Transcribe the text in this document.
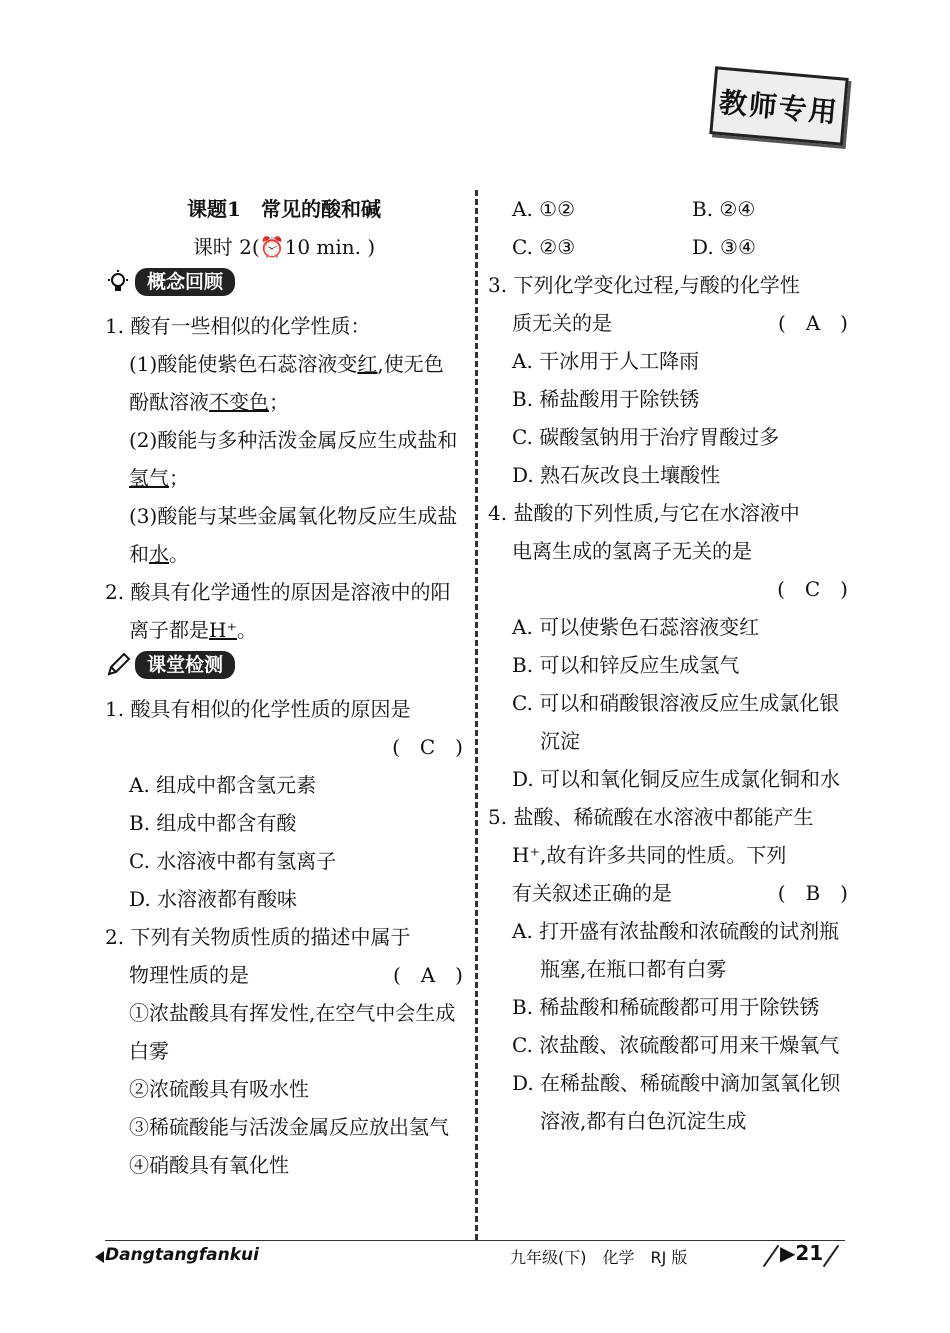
教师专用
课题1　常见的酸和碱
课时 2(⏰10 min. )
概念回顾
1. 酸有一些相似的化学性质：
(1)酸能使紫色石蕊溶液变红,使无色酚酞溶液不变色；
(2)酸能与多种活泼金属反应生成盐和氢气；
(3)酸能与某些金属氧化物反应生成盐和水。
2. 酸具有化学通性的原因是溶液中的阳离子都是H⁺。
课堂检测
1. 酸具有相似的化学性质的原因是
(　C　)
A. 组成中都含氢元素
B. 组成中都含有酸
C. 水溶液中都有氢离子
D. 水溶液都有酸味
2. 下列有关物质性质的描述中属于
物理性质的是	(　A　)
①浓盐酸具有挥发性,在空气中会生成白雾
②浓硫酸具有吸水性
③稀硫酸能与活泼金属反应放出氢气
④硝酸具有氧化性
A. ①②	B. ②④
C. ②③	D. ③④
3. 下列化学变化过程,与酸的化学性
质无关的是	(　A　)
A. 干冰用于人工降雨
B. 稀盐酸用于除铁锈
C. 碳酸氢钠用于治疗胃酸过多
D. 熟石灰改良土壤酸性
4. 盐酸的下列性质,与它在水溶液中
电离生成的氢离子无关的是
(　C　)
A. 可以使紫色石蕊溶液变红
B. 可以和锌反应生成氢气
C. 可以和硝酸银溶液反应生成氯化银沉淀
D. 可以和氧化铜反应生成氯化铜和水
5. 盐酸、稀硫酸在水溶液中都能产生
H⁺,故有许多共同的性质。下列
有关叙述正确的是	(　B　)
A. 打开盛有浓盐酸和浓硫酸的试剂瓶瓶塞,在瓶口都有白雾
B. 稀盐酸和稀硫酸都可用于除铁锈
C. 浓盐酸、浓硫酸都可用来干燥氧气
D. 在稀盐酸、稀硫酸中滴加氢氧化钡溶液,都有白色沉淀生成
Dangtangfankui	九年级(下)　化学　RJ 版	▶21
